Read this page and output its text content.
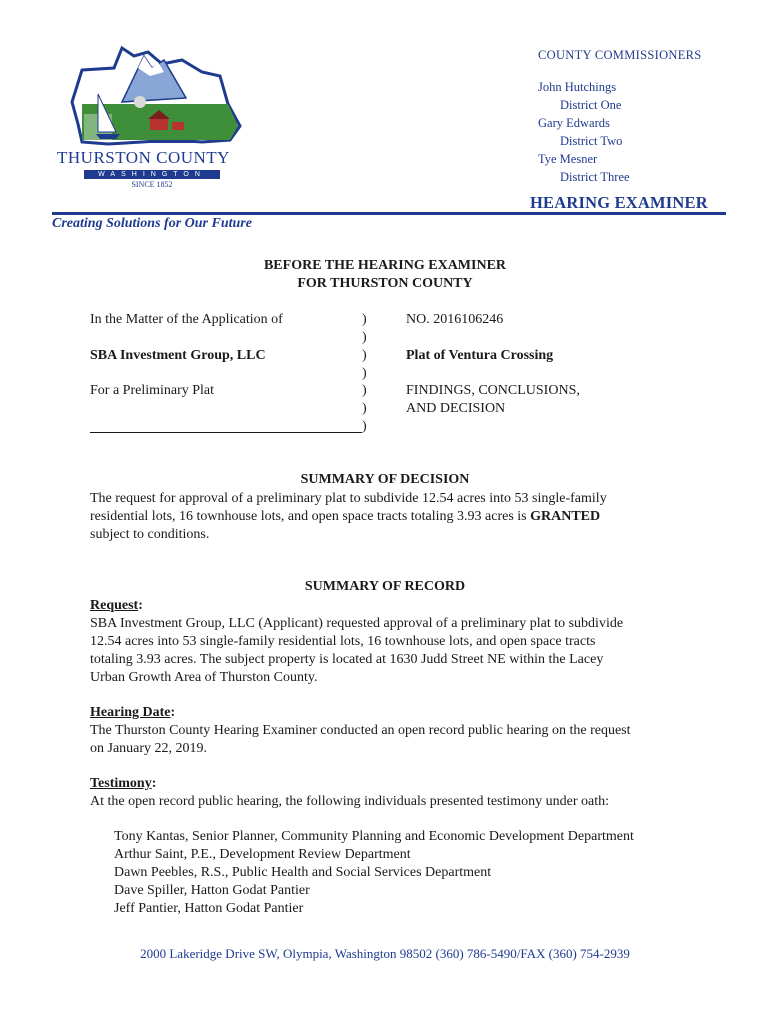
THURSTON COUNTY
WASHINGTON
SINCE 1852
COUNTY COMMISSIONERS
John Hutchings
District One
Gary Edwards
District Two
Tye Mesner
District Three
HEARING EXAMINER
Creating Solutions for Our Future
BEFORE THE HEARING EXAMINER
FOR THURSTON COUNTY
In the Matter of the Application of
SBA Investment Group, LLC
For a Preliminary Plat
)
)
)
)
)
)
)
NO. 2016106246
Plat of Ventura Crossing
FINDINGS, CONCLUSIONS,
AND DECISION
SUMMARY OF DECISION
The request for approval of a preliminary plat to subdivide 12.54 acres into 53 single-family
residential lots, 16 townhouse lots, and open space tracts totaling 3.93 acres is GRANTED
subject to conditions.
SUMMARY OF RECORD
Request:
SBA Investment Group, LLC (Applicant) requested approval of a preliminary plat to subdivide
12.54 acres into 53 single-family residential lots, 16 townhouse lots, and open space tracts
totaling 3.93 acres. The subject property is located at 1630 Judd Street NE within the Lacey
Urban Growth Area of Thurston County.
Hearing Date:
The Thurston County Hearing Examiner conducted an open record public hearing on the request
on January 22, 2019.
Testimony:
At the open record public hearing, the following individuals presented testimony under oath:
Tony Kantas, Senior Planner, Community Planning and Economic Development Department
Arthur Saint, P.E., Development Review Department
Dawn Peebles, R.S., Public Health and Social Services Department
Dave Spiller, Hatton Godat Pantier
Jeff Pantier, Hatton Godat Pantier
2000 Lakeridge Drive SW, Olympia, Washington 98502 (360) 786-5490/FAX (360) 754-2939
